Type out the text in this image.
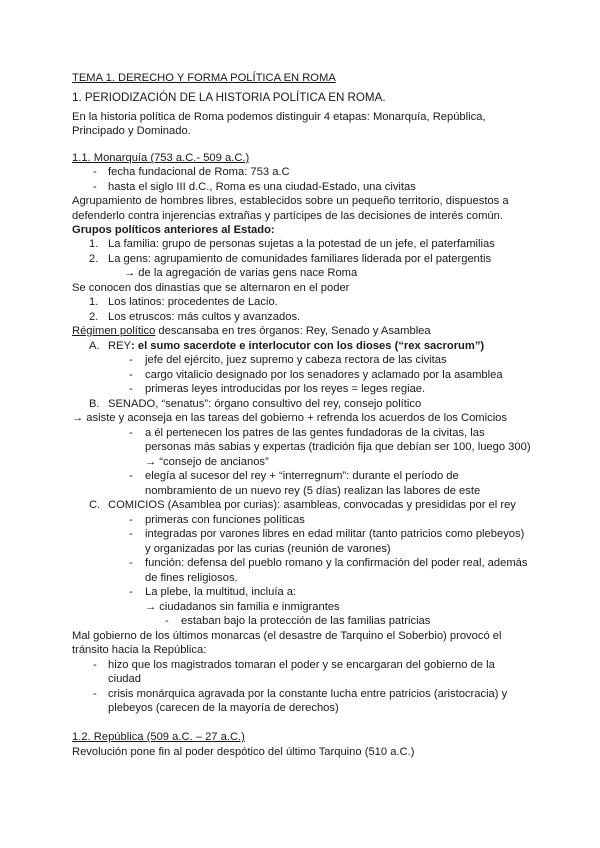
TEMA 1. DERECHO Y FORMA POLÍTICA EN ROMA
1. PERIODIZACIÓN DE LA HISTORIA POLÍTICA EN ROMA.
En la historia política de Roma podemos distinguir 4 etapas: Monarquía, República,
Principado y Dominado.
1.1. Monarquía (753 a.C.- 509 a.C.)
- fecha fundacional de Roma: 753 a.C
- hasta el siglo III d.C., Roma es una ciudad-Estado, una civitas
Agrupamiento de hombres libres, establecidos sobre un pequeño territorio, dispuestos a
defenderlo contra injerencias extrañas y partícipes de las decisiones de interés común.
Grupos políticos anteriores al Estado:
1. La familia: grupo de personas sujetas a la potestad de un jefe, el paterfamilias
2. La gens: agrupamiento de comunidades familiares liderada por el patergentis
→ de la agregación de varias gens nace Roma
Se conocen dos dinastías que se alternaron en el poder
1. Los latinos: procedentes de Lacio.
2. Los etruscos: más cultos y avanzados.
Régimen político descansaba en tres órganos: Rey, Senado y Asamblea
A. REY: el sumo sacerdote e interlocutor con los dioses (“rex sacrorum”)
- jefe del ejército, juez supremo y cabeza rectora de las civitas
- cargo vitalicio designado por los senadores y aclamado por la asamblea
- primeras leyes introducidas por los reyes = leges regiae.
B. SENADO, “senatus”: órgano consultivo del rey, consejo político
→ asiste y aconseja en las tareas del gobierno + refrenda los acuerdos de los Comicios
- a él pertenecen los patres de las gentes fundadoras de la civitas, las
personas más sabias y expertas (tradición fija que debían ser 100, luego 300)
→ “consejo de ancianos”
- elegía al sucesor del rey + “interregnum”: durante el período de
nombramiento de un nuevo rey (5 días) realizan las labores de este
C. COMICIOS (Asamblea por curias): asambleas, convocadas y presididas por el rey
- primeras con funciones políticas
- integradas por varones libres en edad militar (tanto patricios como plebeyos)
y organizadas por las curias (reunión de varones)
- función: defensa del pueblo romano y la confirmación del poder real, además
de fines religiosos.
- La plebe, la multitud, incluía a:
→ ciudadanos sin familia e inmigrantes
- estaban bajo la protección de las familias patricias
Mal gobierno de los últimos monarcas (el desastre de Tarquino el Soberbio) provocó el
tránsito hacia la República:
- hizo que los magistrados tomaran el poder y se encargaran del gobierno de la
ciudad
- crisis monárquica agravada por la constante lucha entre patricios (aristocracia) y
plebeyos (carecen de la mayoría de derechos)
1.2. República (509 a.C. – 27 a.C.)
Revolución pone fin al poder despótico del último Tarquino (510 a.C.)
